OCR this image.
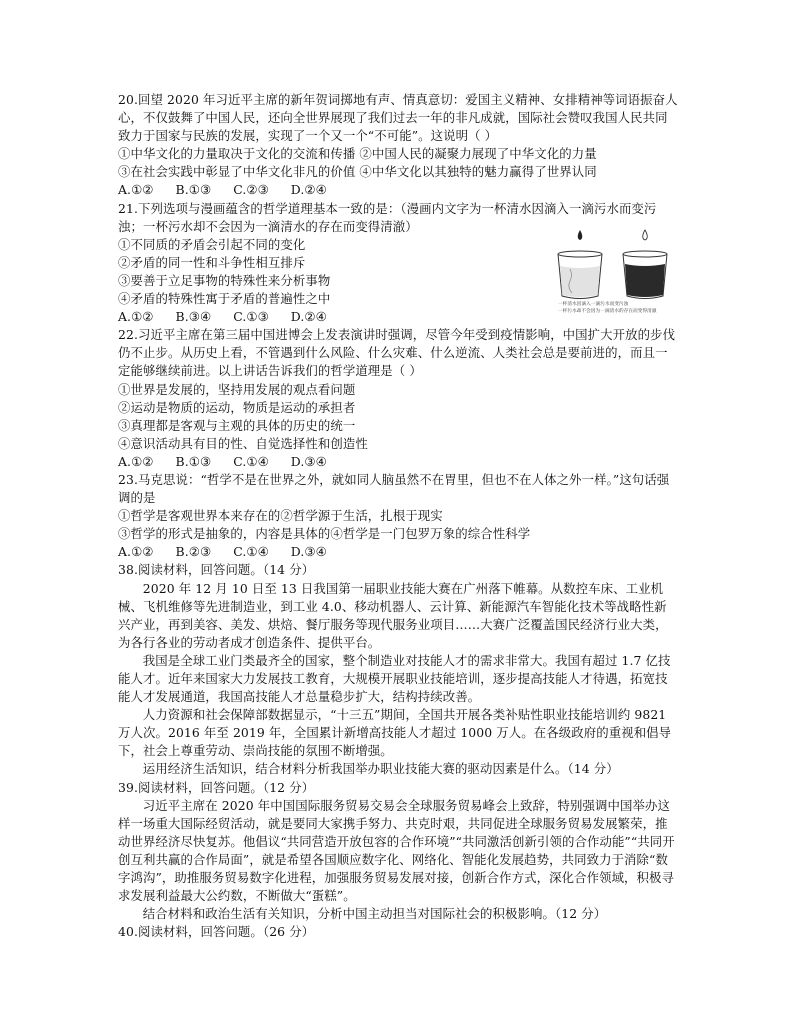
20.回望 2020 年习近平主席的新年贺词掷地有声、情真意切：爱国主义精神、女排精神等词语振奋人心，不仅鼓舞了中国人民，还向全世界展现了我们过去一年的非凡成就，国际社会赞叹我国人民共同致力于国家与民族的发展，实现了一个又一个“不可能”。这说明（ ）

①中华文化的力量取决于文化的交流和传播 ②中国人民的凝聚力展现了中华文化的力量

③在社会实践中彰显了中华文化非凡的价值 ④中华文化以其独特的魅力赢得了世界认同

A.①② B.①③ C.②③ D.②④

21.下列选项与漫画蕴含的哲学道理基本一致的是：（漫画内文字为一杯清水因滴入一滴污水而变污浊；一杯污水却不会因为一滴清水的存在而变得清澈）

①不同质的矛盾会引起不同的变化

②矛盾的同一性和斗争性相互排斥

③要善于立足事物的特殊性来分析事物

④矛盾的特殊性寓于矛盾的普遍性之中

A.①② B.③④ C.①③ D.②④

一杯清水因滴入一滴污水而变污浊
一杯污水却不会因为一滴清水的存在而变得清澈

22.习近平主席在第三届中国进博会上发表演讲时强调，尽管今年受到疫情影响，中国扩大开放的步伐仍不止步。从历史上看，不管遇到什么风险、什么灾难、什么逆流、人类社会总是要前进的，而且一定能够继续前进。以上讲话告诉我们的哲学道理是（ ）

①世界是发展的，坚持用发展的观点看问题

②运动是物质的运动，物质是运动的承担者

③真理都是客观与主观的具体的历史的统一

④意识活动具有目的性、自觉选择性和创造性

A.①② B.①③ C.①④ D.③④

23.马克思说：“哲学不是在世界之外，就如同人脑虽然不在胃里，但也不在人体之外一样。”这句话强调的是

①哲学是客观世界本来存在的②哲学源于生活，扎根于现实

③哲学的形式是抽象的，内容是具体的④哲学是一门包罗万象的综合性科学

A.①② B.②③ C.①④ D.③④

38.阅读材料，回答问题。（14 分）

2020 年 12 月 10 日至 13 日我国第一届职业技能大赛在广州落下帷幕。从数控车床、工业机械、飞机维修等先进制造业，到工业 4.0、移动机器人、云计算、新能源汽车智能化技术等战略性新兴产业，再到美容、美发、烘焙、餐厅服务等现代服务业项目……大赛广泛覆盖国民经济行业大类，为各行各业的劳动者成才创造条件、提供平台。

我国是全球工业门类最齐全的国家，整个制造业对技能人才的需求非常大。我国有超过 1.7 亿技能人才。近年来国家大力发展技工教育，大规模开展职业技能培训，逐步提高技能人才待遇，拓宽技能人才发展通道，我国高技能人才总量稳步扩大，结构持续改善。

人力资源和社会保障部数据显示，“十三五”期间，全国共开展各类补贴性职业技能培训约 9821 万人次。2016 年至 2019 年，全国累计新增高技能人才超过 1000 万人。在各级政府的重视和倡导下，社会上尊重劳动、崇尚技能的氛围不断增强。

运用经济生活知识，结合材料分析我国举办职业技能大赛的驱动因素是什么。（14 分）

39.阅读材料，回答问题。（12 分）

习近平主席在 2020 年中国国际服务贸易交易会全球服务贸易峰会上致辞，特别强调中国举办这样一场重大国际经贸活动，就是要同大家携手努力、共克时艰，共同促进全球服务贸易发展繁荣，推动世界经济尽快复苏。他倡议“共同营造开放包容的合作环境”“共同激活创新引领的合作动能”“共同开创互利共赢的合作局面”，就是希望各国顺应数字化、网络化、智能化发展趋势，共同致力于消除“数字鸿沟”，助推服务贸易数字化进程，加强服务贸易发展对接，创新合作方式，深化合作领域，积极寻求发展利益最大公约数，不断做大“蛋糕”。

结合材料和政治生活有关知识，分析中国主动担当对国际社会的积极影响。（12 分）

40.阅读材料，回答问题。（26 分）
